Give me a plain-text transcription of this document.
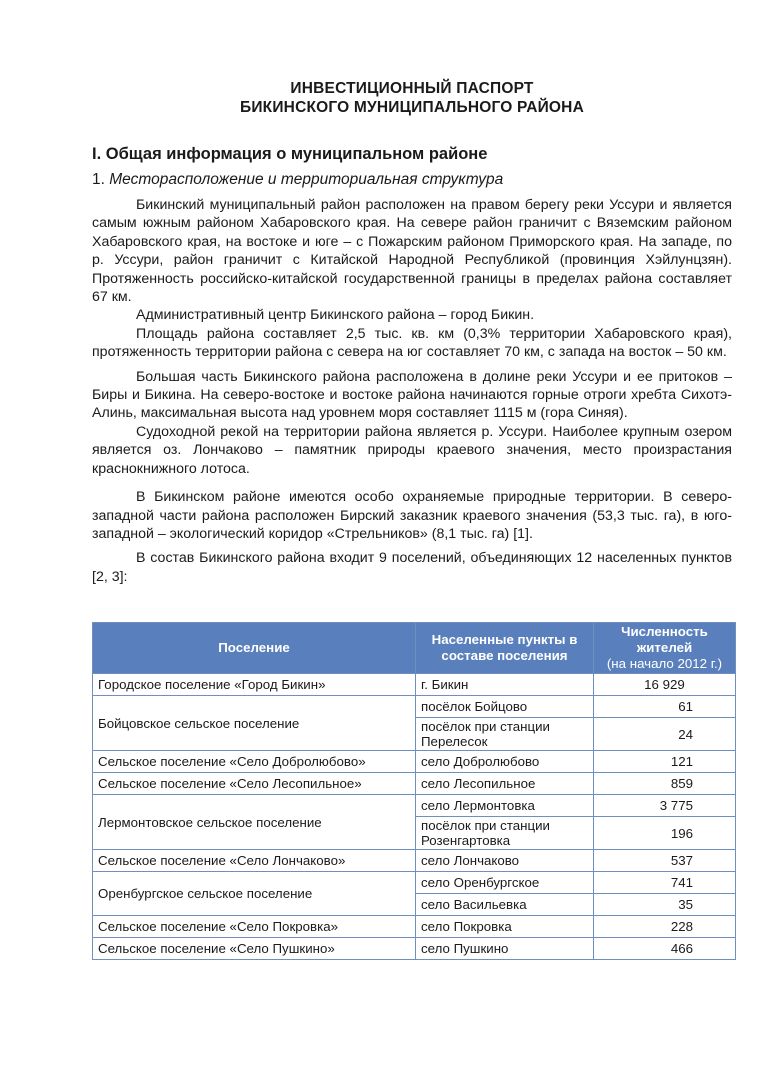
ИНВЕСТИЦИОННЫЙ ПАСПОРТ
БИКИНСКОГО МУНИЦИПАЛЬНОГО РАЙОНА
I. Общая информация о муниципальном районе
1. Месторасположение и территориальная структура

Бикинский муниципальный район расположен на правом берегу реки Уссури и является самым южным районом Хабаровского края. На севере район граничит с Вяземским районом Хабаровского края, на востоке и юге – с Пожарским районом Приморского края. На западе, по р. Уссури, район граничит с Китайской Народной Республикой (провинция Хэйлунцзян). Протяженность российско-китайской государственной границы в пределах района составляет 67 км.

Административный центр Бикинского района – город Бикин.

Площадь района составляет 2,5 тыс. кв. км (0,3% территории Хабаровского края), протяженность территории района с севера на юг составляет 70 км, с запада на восток – 50 км.

Большая часть Бикинского района расположена в долине реки Уссури и ее притоков – Биры и Бикина. На северо-востоке и востоке района начинаются горные отроги хребта Сихотэ-Алинь, максимальная высота над уровнем моря составляет 1115 м (гора Синяя).

Судоходной рекой на территории района является р. Уссури. Наиболее крупным озером является оз. Лончаково – памятник природы краевого значения, место произрастания краснокнижного лотоса.

В Бикинском районе имеются особо охраняемые природные территории. В северо-западной части района расположен Бирский заказник краевого значения (53,3 тыс. га), в юго-западной – экологический коридор «Стрельников» (8,1 тыс. га) [1].

В состав Бикинского района входит 9 поселений, объединяющих 12 населенных пунктов [2, 3]:

Поселение	Населенные пункты в составе поселения	Численность жителей
(на начало 2012 г.)
Городское поселение «Город Бикин»	г. Бикин	16 929
Бойцовское сельское поселение	посёлок Бойцово	61
	посёлок при станции Перелесок	24
Сельское поселение «Село Добролюбово»	село Добролюбово	121
Сельское поселение «Село Лесопильное»	село Лесопильное	859
Лермонтовское сельское поселение	село Лермонтовка	3 775
	посёлок при станции Розенгартовка	196
Сельское поселение «Село Лончаково»	село Лончаково	537
Оренбургское сельское поселение	село Оренбургское	741
	село Васильевка	35
Сельское поселение «Село Покровка»	село Покровка	228
Сельское поселение «Село Пушкино»	село Пушкино	466
